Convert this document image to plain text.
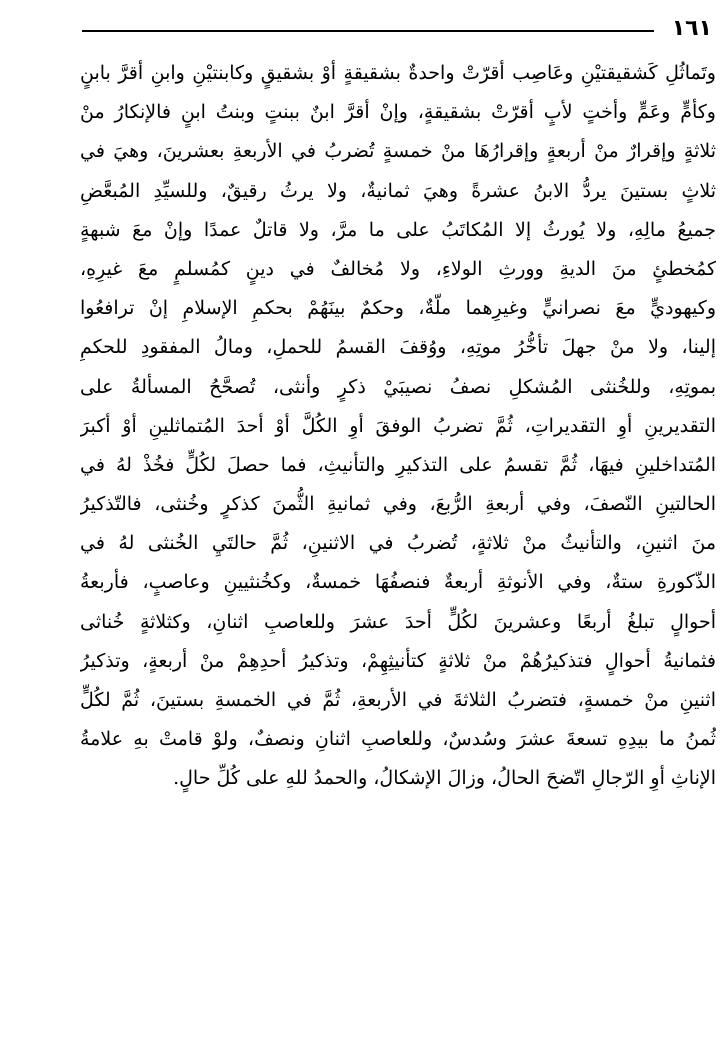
١٦١
وتَماثُلِ كَشقيقتيْنِ وعَاصِب أقرّتْ واحدةٌ بشقيقةٍ أوْ بشقيقٍ وكابنتيْنِ وابنِ أقرَّ بابنٍ
وكأمٍّ وعَمٍّ وأختٍ لأبٍ أقرّتْ بشقيقةٍ، وإنْ أقرَّ ابنٌ ببنتٍ وبنتُ ابنٍ فالإنكارُ منْ
ثلاثةٍ وإقرارٌ منْ أربعةٍ وإقرارُهَا منْ خمسةٍ تُضربُ في الأربعةِ بعشرينَ، وهيَ في
ثلاثٍ بستينَ يردُّ الابنُ عشرةً وهيَ ثمانيةٌ، ولا يرثُ رقيقٌ، وللسيِّدِ المُبعَّضِ
جميعُ مالِهِ، ولا يُورثُ إلا المُكاتَبُ على ما مرَّ، ولا قاتلٌ عمدًا وإنْ معَ شبهةٍ
كمُخطئٍ منَ الديةِ وورثِ الولاءِ، ولا مُخالفٌ في دينٍ كمُسلمٍ معَ غيرِهِ،
وكيهوديٍّ معَ نصرانيٍّ وغيرِهما ملّةٌ، وحكمٌ بينَهُمْ بحكمِ الإسلامِ إنْ ترافعُوا
إلينا، ولا منْ جهلَ تأخُّرُ موتِهِ، ووُقفَ القسمُ للحملِ، ومالُ المفقودِ للحكمِ
بموتِهِ، وللخُنثى المُشكلِ نصفُ نصيبَيْ ذكرٍ وأنثى، تُصحَّحُ المسألةُ على
التقديرينِ أوِ التقديراتِ، ثُمَّ تضربُ الوفقَ أوِ الكُلَّ أوْ أحدَ المُتماثلينِ أوْ أكبرَ
المُتداخلينِ فيهَا، ثُمَّ تقسمُ على التذكيرِ والتأنيثِ، فما حصلَ لكُلٍّ فخُذْ لهُ في
الحالتينِ النّصفَ، وفي أربعةِ الرُّبعَ، وفي ثمانيةِ الثُّمنَ كذكرٍ وخُنثى، فالتّذكيرُ
منَ اثنينِ، والتأنيثُ منْ ثلاثةٍ، تُضربُ في الاثنينِ، ثُمَّ حالتَيِ الخُنثى لهُ في
الذّكورةِ ستةٌ، وفي الأنوثةِ أربعةٌ فنصفُهَا خمسةٌ، وكخُنثيينِ وعاصبٍ، فأربعةُ
أحوالٍ تبلغُ أربعًا وعشرينَ لكُلٍّ أحدَ عشرَ وللعاصبِ اثنانِ، وكثلاثةٍ خُناثى
فثمانيةُ أحوالٍ فتذكيرُهُمْ منْ ثلاثةٍ كتأنيثِهِمْ، وتذكيرُ أحدِهِمْ منْ أربعةٍ، وتذكيرُ
اثنينِ منْ خمسةٍ، فتضربُ الثلاثةَ في الأربعةِ، ثُمَّ في الخمسةِ بستينَ، ثُمَّ لكُلٍّ
ثُمنُ ما بيدِهِ تسعةَ عشرَ وسُدسٌ، وللعاصبِ اثنانِ ونصفٌ، ولوْ قامتْ بهِ علامةُ
الإناثِ أوِ الرّجالِ اتّضحَ الحالُ، وزالَ الإشكالُ، والحمدُ للهِ على كُلِّ حالٍ.
